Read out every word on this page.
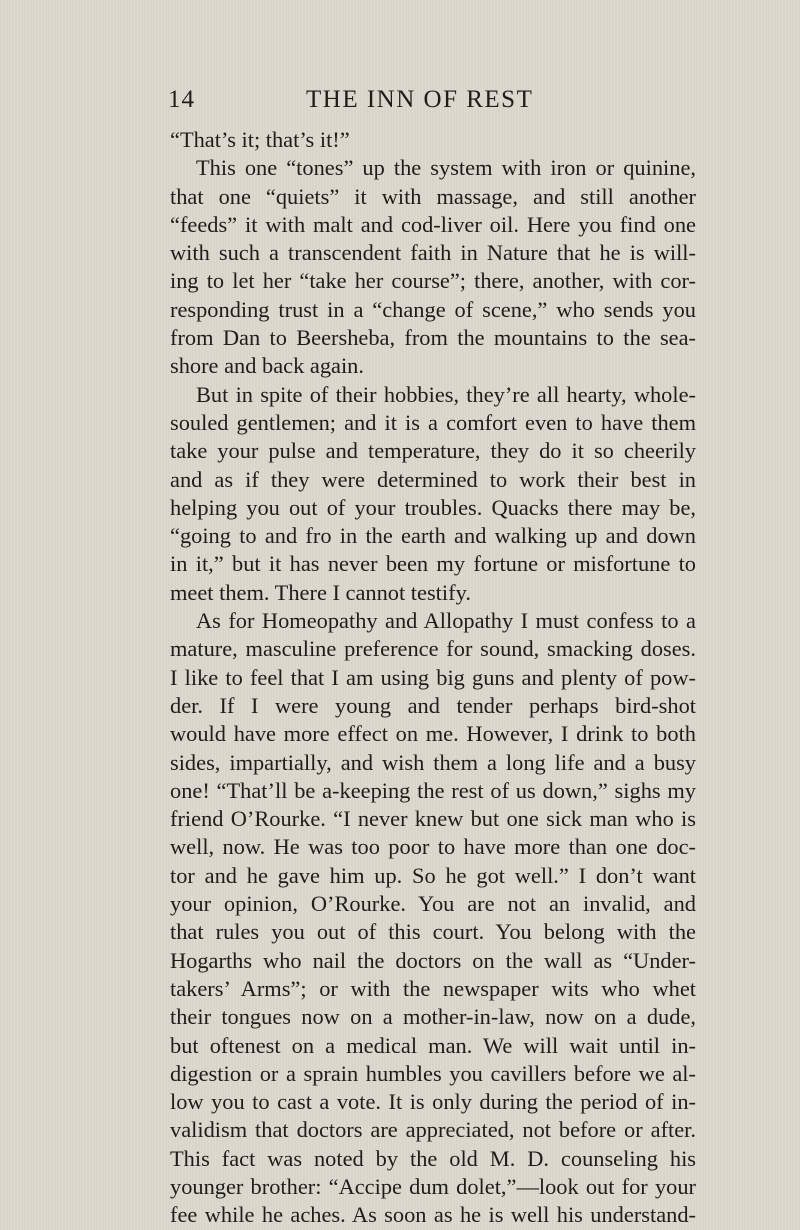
14	THE INN OF REST
“That’s it; that’s it!”
This one “tones” up the system with iron or quinine,
that one “quiets” it with massage, and still another
“feeds” it with malt and cod-liver oil. Here you find one
with such a transcendent faith in Nature that he is will-
ing to let her “take her course”; there, another, with cor-
responding trust in a “change of scene,” who sends you
from Dan to Beersheba, from the mountains to the sea-
shore and back again.
But in spite of their hobbies, they’re all hearty, whole-
souled gentlemen; and it is a comfort even to have them
take your pulse and temperature, they do it so cheerily
and as if they were determined to work their best in
helping you out of your troubles. Quacks there may be,
“going to and fro in the earth and walking up and down
in it,” but it has never been my fortune or misfortune to
meet them. There I cannot testify.
As for Homeopathy and Allopathy I must confess to a
mature, masculine preference for sound, smacking doses.
I like to feel that I am using big guns and plenty of pow-
der. If I were young and tender perhaps bird-shot
would have more effect on me. However, I drink to both
sides, impartially, and wish them a long life and a busy
one! “That’ll be a-keeping the rest of us down,” sighs my
friend O’Rourke. “I never knew but one sick man who is
well, now. He was too poor to have more than one doc-
tor and he gave him up. So he got well.” I don’t want
your opinion, O’Rourke. You are not an invalid, and
that rules you out of this court. You belong with the
Hogarths who nail the doctors on the wall as “Under-
takers’ Arms”; or with the newspaper wits who whet
their tongues now on a mother-in-law, now on a dude,
but oftenest on a medical man. We will wait until in-
digestion or a sprain humbles you cavillers before we al-
low you to cast a vote. It is only during the period of in-
validism that doctors are appreciated, not before or after.
This fact was noted by the old M. D. counseling his
younger brother: “Accipe dum dolet,”—look out for your
fee while he aches. As soon as he is well his understand-
